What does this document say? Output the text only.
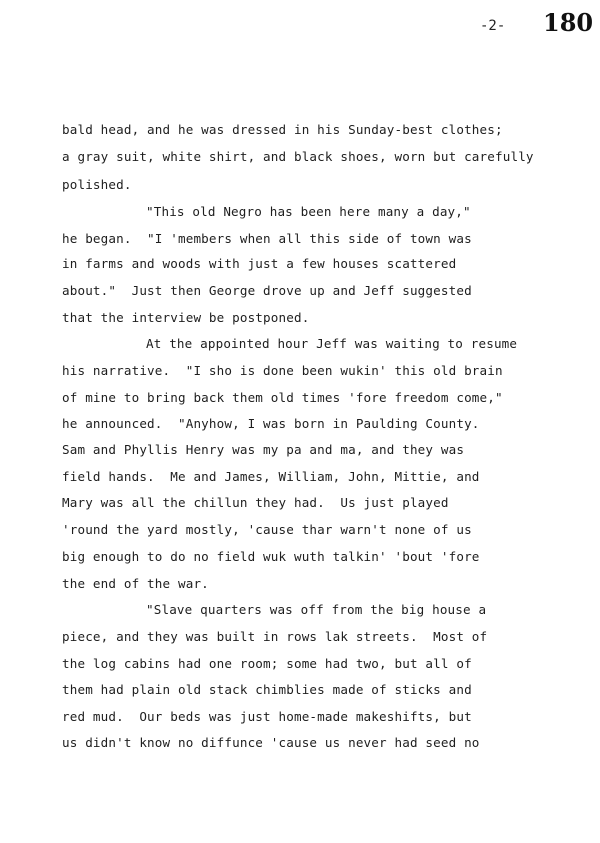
-2- 180
bald head, and he was dressed in his Sunday-best clothes;
a gray suit, white shirt, and black shoes, worn but carefully
polished.
"This old Negro has been here many a day,"
he began.  "I 'members when all this side of town was
in farms and woods with just a few houses scattered
about."  Just then George drove up and Jeff suggested
that the interview be postponed.
At the appointed hour Jeff was waiting to resume
his narrative.  "I sho is done been wukin' this old brain
of mine to bring back them old times 'fore freedom come,"
he announced.  "Anyhow, I was born in Paulding County.
Sam and Phyllis Henry was my pa and ma, and they was
field hands.  Me and James, William, John, Mittie, and
Mary was all the chillun they had.  Us just played
'round the yard mostly, 'cause thar warn't none of us
big enough to do no field wuk wuth talkin' 'bout 'fore
the end of the war.
"Slave quarters was off from the big house a
piece, and they was built in rows lak streets.  Most of
the log cabins had one room; some had two, but all of
them had plain old stack chimblies made of sticks and
red mud.  Our beds was just home-made makeshifts, but
us didn't know no diffunce 'cause us never had seed no
